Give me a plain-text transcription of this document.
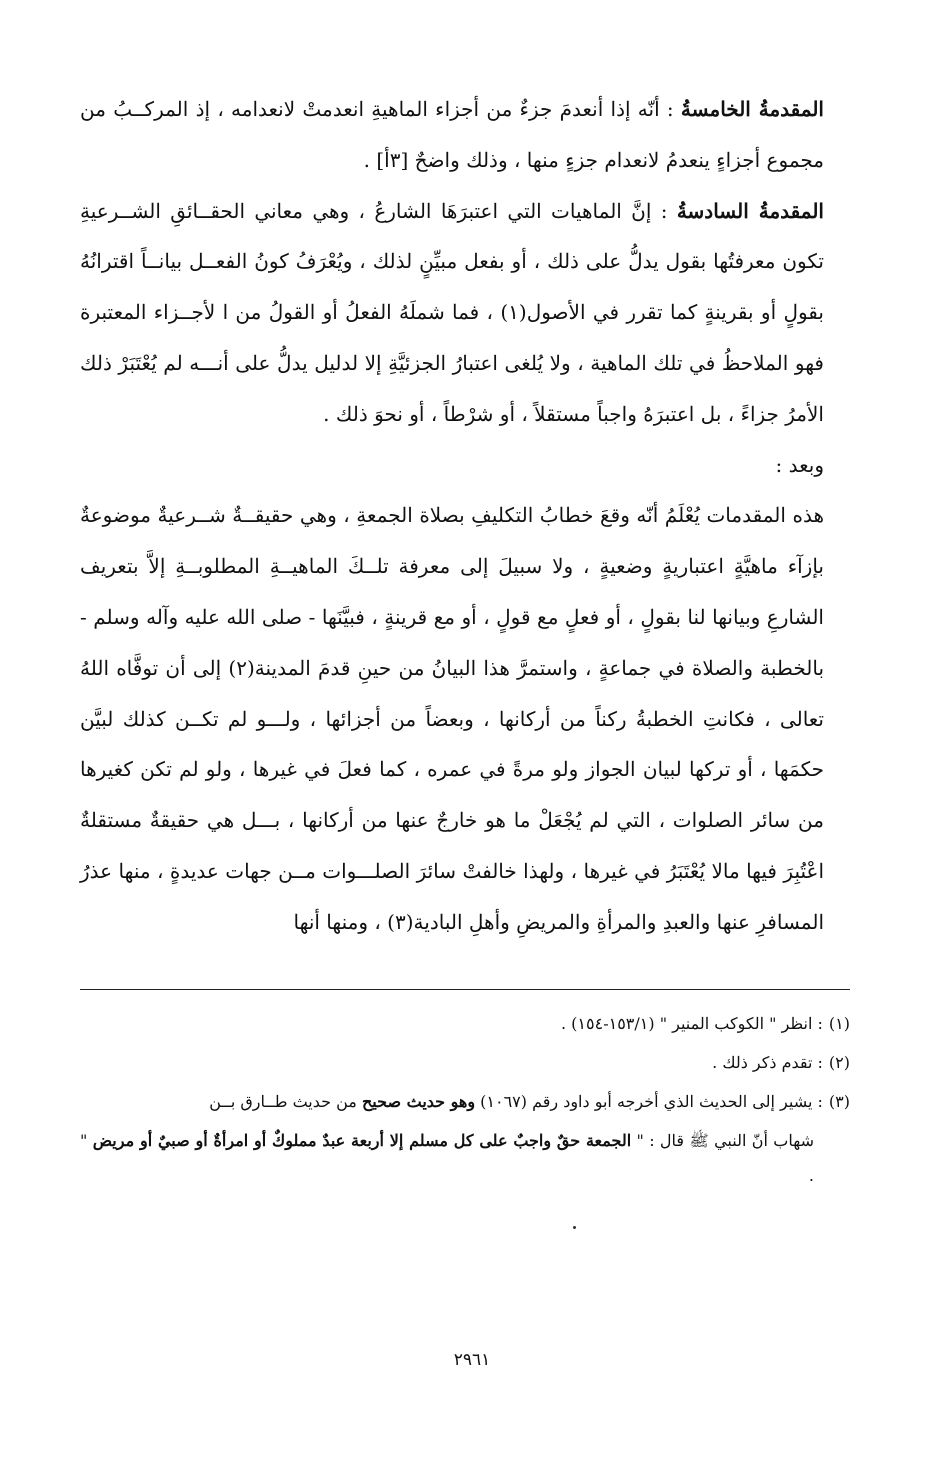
المقدمةُ الخامسةُ : أنّه إذا أنعدمَ جزءٌ من أجزاء الماهيةِ انعدمتْ لانعدامه ، إذ المركــبُ من مجموع أجزاءٍ ينعدمُ لانعدام جزءٍ منها ، وذلك واضحٌ [٣أ] .

المقدمةُ السادسةُ : إنَّ الماهيات التي اعتبرَهَا الشارعُ ، وهي معاني الحقــائقِ الشــرعيةِ تكون معرفتُها بقول يدلُّ على ذلك ، أو بفعل مبيِّنٍ لذلك ، ويُعْرَفُ كونُ الفعــل بيانــاً اقترانُهُ بقولٍ أو بقرينةٍ كما تقرر في الأصول(١) ، فما شملَهُ الفعلُ أو القولُ من ا لأجــزاء المعتبرة فهو الملاحظُ في تلك الماهية ، ولا يُلغى اعتبارُ الجزئيَّةِ إلا لدليل يدلُّ على أنـــه لم يُعْتَبَرْ ذلك الأمرُ جزاءً ، بل اعتبرَهُ واجباً مستقلاً ، أو شرْطاً ، أو نحوَ ذلك .

وبعد :

هذه المقدمات يُعْلَمُ أنّه وقعَ خطابُ التكليفِ بصلاة الجمعةِ ، وهي حقيقــةٌ شــرعيةٌ موضوعةٌ بإزآء ماهيَّةٍ اعتباريةٍ وضعيةٍ ، ولا سبيلَ إلى معرفة تلــكَ الماهيــةِ المطلوبــةِ إلاَّ بتعريف الشارعِ وبيانها لنا بقولٍ ، أو فعلٍ مع قولٍ ، أو مع قرينةٍ ، فبيَّنَها - صلى الله عليه وآله وسلم - بالخطبة والصلاة في جماعةٍ ، واستمرَّ هذا البيانُ من حينِ قدمَ المدينة(٢) إلى أن توفَّاه اللهُ تعالى ، فكانتِ الخطبةُ ركناً من أركانها ، وبعضاً من أجزائها ، ولـــو لم تكــن كذلك لبيَّن حكمَها ، أو تركها لبيان الجواز ولو مرةً في عمره ، كما فعلَ في غيرها ، ولو لم تكن كغيرها من سائر الصلوات ، التي لم يُجْعَلْ ما هو خارجٌ عنها من أركانها ، بـــل هي حقيقةٌ مستقلةٌ اعْتُبِرَ فيها مالا يُعْتَبَرُ في غيرها ، ولهذا خالفتْ سائرَ الصلـــوات مــن جهات عديدةٍ ، منها عذرُ المسافرِ عنها والعبدِ والمرأةِ والمريضِ وأهلِ البادية(٣) ، ومنها أنها

(١): انظر " الكوكب المنير " (١٥٣/١-١٥٤) .

(٢): تقدم ذكر ذلك .

(٣): يشير إلى الحديث الذي أخرجه أبو داود رقم (١٠٦٧) وهو حديث صحيح من حديث طــارق بــن

شهاب أنّ النبي ﷺ قال : " الجمعة حقٌ واجبٌ على كل مسلم إلا أربعة عبدٌ مملوكٌ أو امرأةٌ أو صبيٌ أو مريض " .

٢٩٦١
